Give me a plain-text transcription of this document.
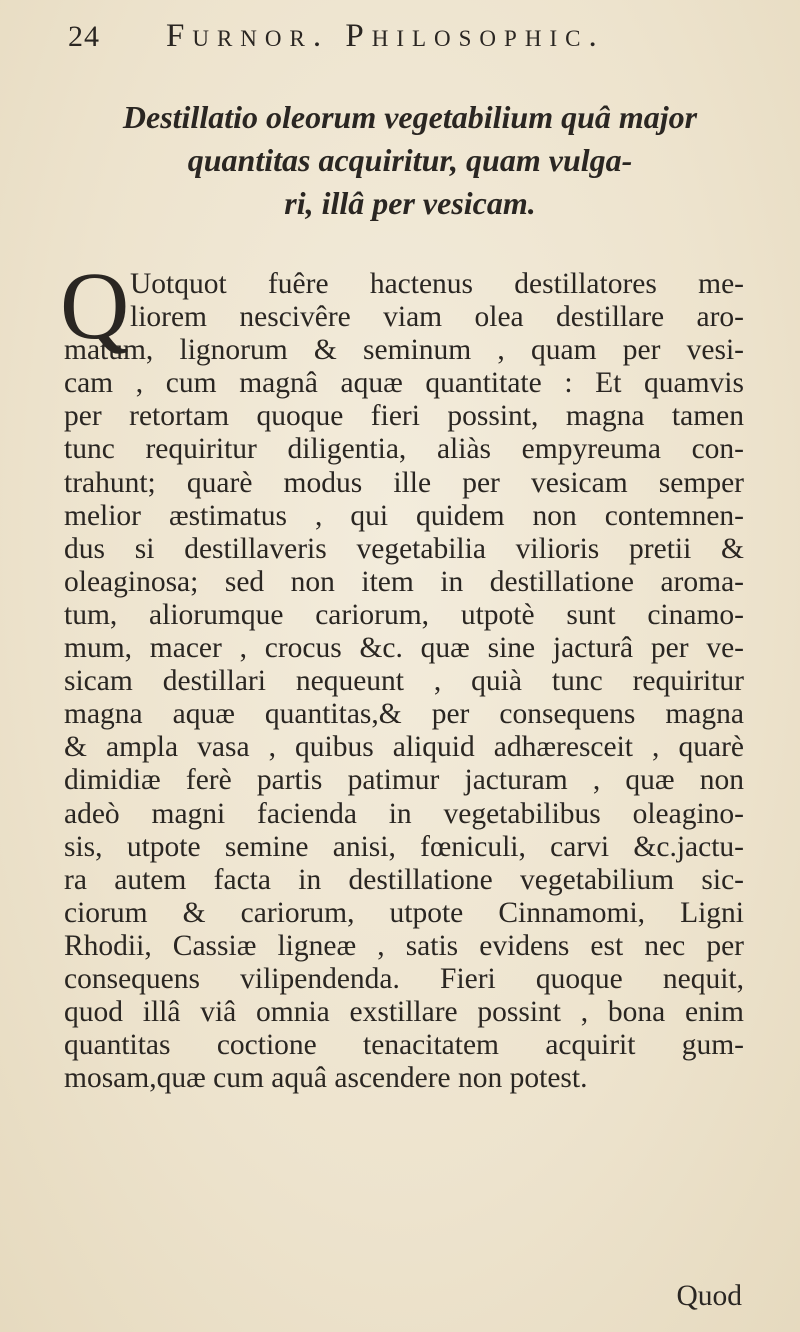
24 Furnor. Philosophic.
Destillatio oleorum vegetabilium quâ major
quantitas acquiritur, quam vulga-
ri, illâ per vesicam.
Q Uotquot fuêre hactenus destillatores me-
liorem nescivêre viam olea destillare aro-
matum, lignorum & seminum , quam per vesi-
cam , cum magnâ aquæ quantitate : Et quamvis
per retortam quoque fieri possint, magna tamen
tunc requiritur diligentia, aliàs empyreuma con-
trahunt; quarè modus ille per vesicam semper
melior æstimatus , qui quidem non contemnen-
dus si destillaveris vegetabilia vilioris pretii &
oleaginosa; sed non item in destillatione aroma-
tum, aliorumque cariorum, utpotè sunt cinamo-
mum, macer , crocus &c. quæ sine jacturâ per ve-
sicam destillari nequeunt , quià tunc requiritur
magna aquæ quantitas,& per consequens magna
& ampla vasa , quibus aliquid adhæresceit , quarè
dimidiæ ferè partis patimur jacturam , quæ non
adeò magni facienda in vegetabilibus oleagino-
sis, utpote semine anisi, fœniculi, carvi &c.jactu-
ra autem facta in destillatione vegetabilium sic-
ciorum & cariorum, utpote Cinnamomi, Ligni
Rhodii, Cassiæ ligneæ , satis evidens est nec per
consequens vilipendenda. Fieri quoque nequit,
quod illâ viâ omnia exstillare possint , bona enim
quantitas coctione tenacitatem acquirit gum-
mosam,quæ cum aquâ ascendere non potest.
Quod
